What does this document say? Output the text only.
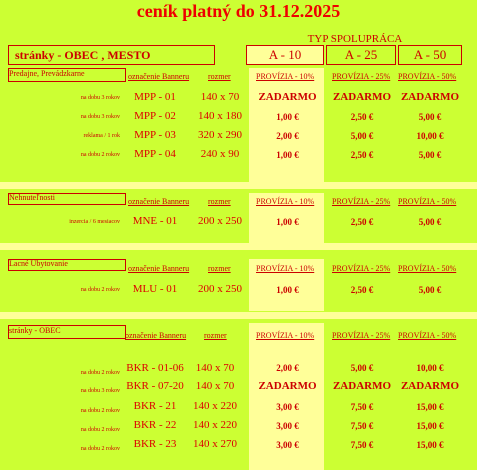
ceník platný do 31.12.2025
stránky - OBEC , MESTO
TYP SPOLUPRÁCA
A - 10	A - 25	A - 50
Predajne, Prevádzkarne	označenie Banneru rozmer	PROVÍZIA - 10% PROVÍZIA - 25% PROVÍZIA - 50%
na dobu 3 rokov	MPP - 01	140 x 70	ZADARMO	ZADARMO ZADARMO
na dobu 3 rokov	MPP - 02	140 x 180	1,00 €	2,50 €	5,00 €
reklama / 1 rok	MPP - 03	320 x 290	2,00 €	5,00 €	10,00 €
na dobu 2 rokov	MPP - 04	240 x 90	1,00 €	2,50 €	5,00 €
Nehnuteľnosti	označenie Banneru rozmer	PROVÍZIA - 10% PROVÍZIA - 25% PROVÍZIA - 50%
inzercia / 6 mesiacov	MNE - 01	200 x 250	1,00 €	2,50 €	5,00 €
Lacné Ubytovanie
označenie Banneru rozmer	PROVÍZIA - 10% PROVÍZIA - 25% PROVÍZIA - 50%
na dobu 2 rokov	MLU - 01	200 x 250	1,00 €	2,50 €	5,00 €
stránky - OBEC
označenie Banneru rozmer	PROVÍZIA - 10% PROVÍZIA - 25% PROVÍZIA - 50%
na dobu 2 rokov BKR - 01-06	140 x 70	2,00 €	5,00 €	10,00 €
na dobu 3 rokov BKR - 07-20	140 x 70	ZADARMO	ZADARMO ZADARMO
na dobu 2 rokov	BKR - 21	140 x 220	3,00 €	7,50 €	15,00 €
na dobu 2 rokov	BKR - 22	140 x 220	3,00 €	7,50 €	15,00 €
na dobu 2 rokov	BKR - 23	140 x 270	3,00 €	7,50 €	15,00 €
